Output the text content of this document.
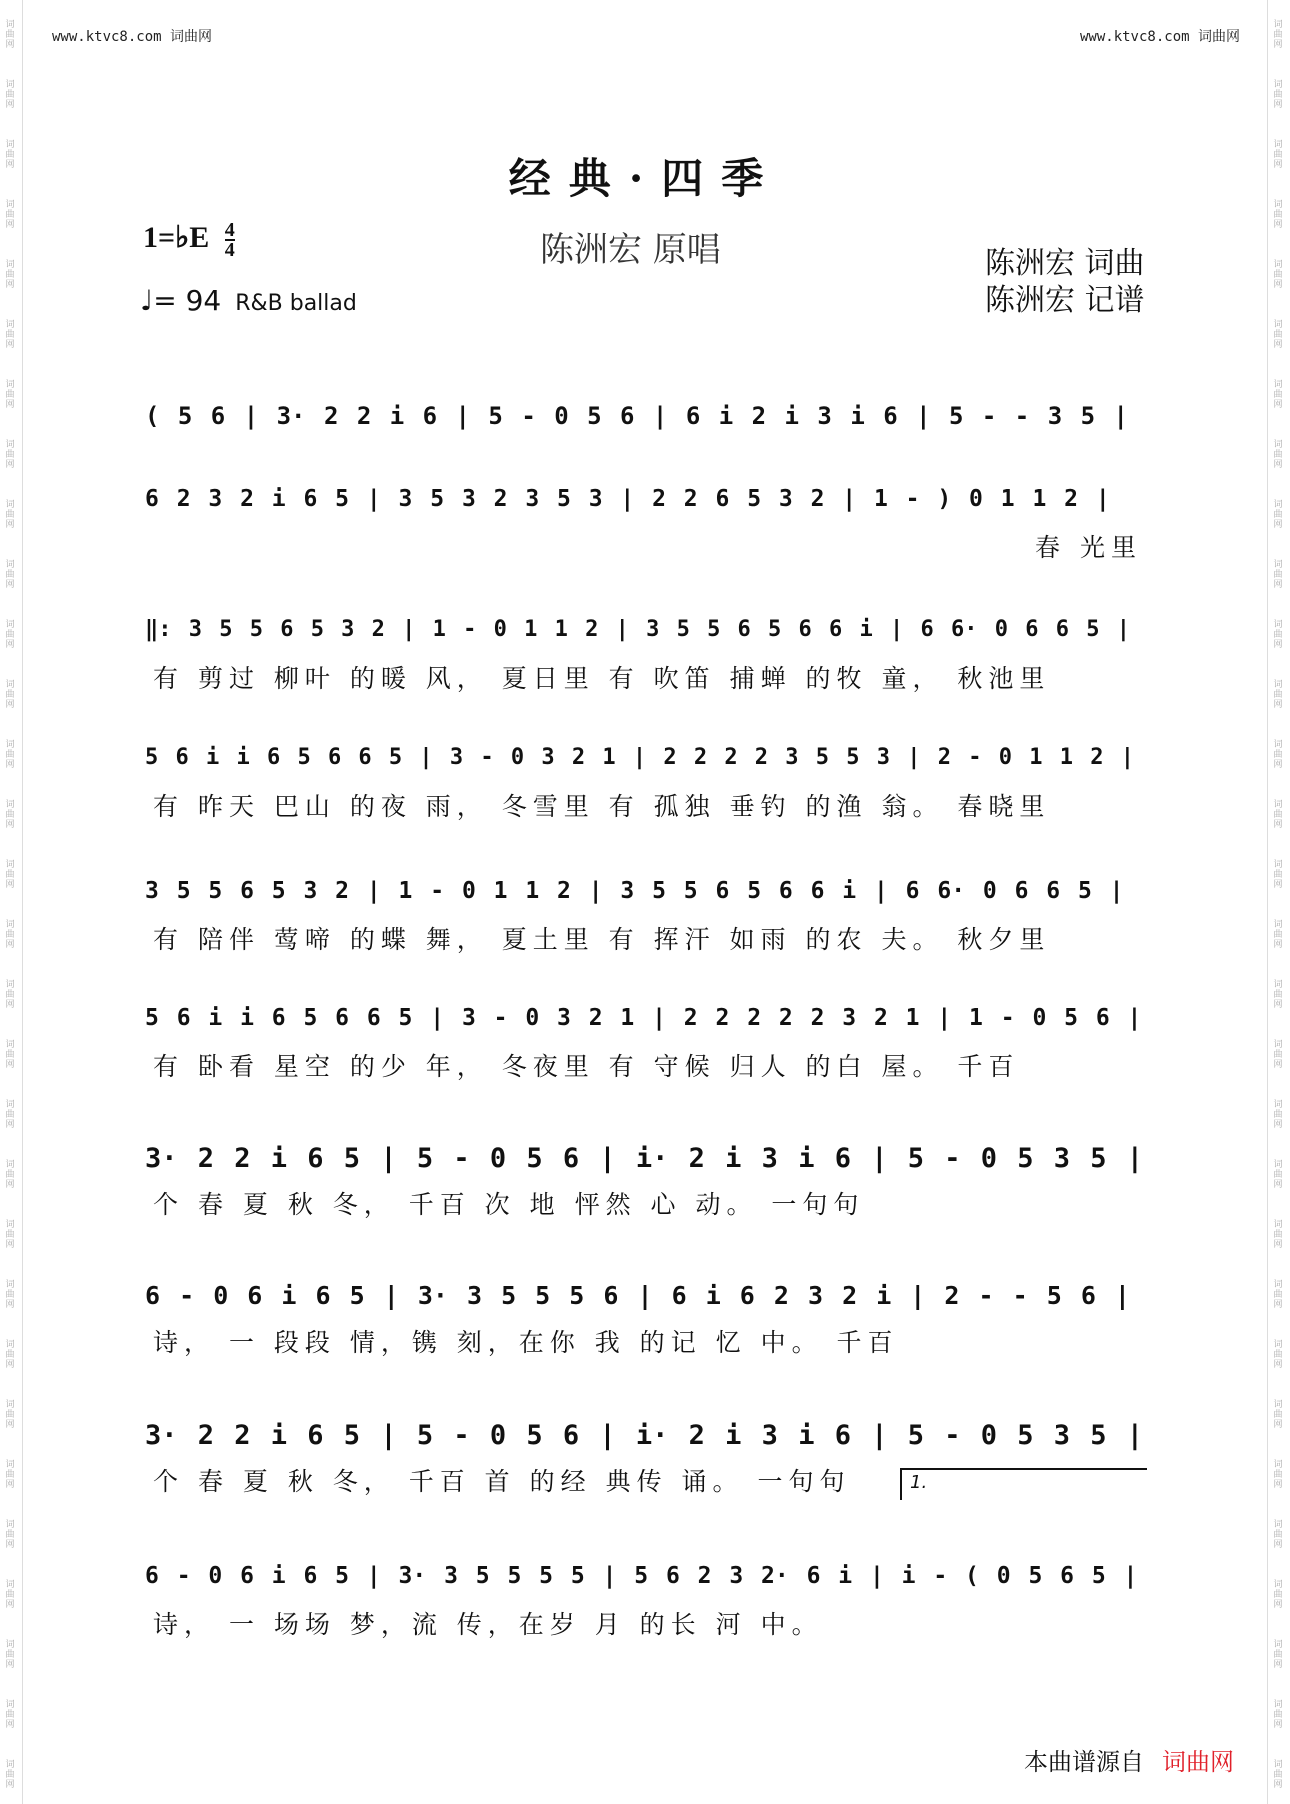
词曲网
词曲网
词曲网
词曲网
词曲网
词曲网
词曲网
词曲网
词曲网
词曲网
词曲网
词曲网
词曲网
词曲网
词曲网
词曲网
词曲网
词曲网
词曲网
词曲网
词曲网
词曲网
词曲网
词曲网
词曲网
词曲网
词曲网
词曲网
词曲网
词曲网
词曲网
词曲网
词曲网
词曲网
词曲网
词曲网
词曲网
词曲网
词曲网
词曲网
词曲网
词曲网
词曲网
词曲网
词曲网
词曲网
词曲网
词曲网
词曲网
词曲网
词曲网
词曲网
词曲网
词曲网
词曲网
词曲网
词曲网
词曲网
词曲网
词曲网
www.ktvc8.com 词曲网	www.ktvc8.com 词曲网
经典·四季
陈洲宏 原唱
1=♭E $\frac{4}{4}$
♩= 94 R&B ballad
陈洲宏 词曲
陈洲宏 记谱
( 5 6 | 3· 2 2 i 6 | 5 - 0 5 6 | 6 i 2 i 3 i 6 | 5 - - 3 5 |
6 2 3 2 i 6 5 | 3 5 3 2 3 5 3 | 2 2 6 5 3 2 | 1 - ) 0 1 1 2 |
春 光里
‖: 3 5 5 6 5 3 2 | 1 - 0 1 1 2 | 3 5 5 6 5 6 6 i | 6 6· 0 6 6 5 |
有 剪过 柳叶 的暖 风， 夏日里 有 吹笛 捕蝉 的牧 童， 秋池里
5 6 i i 6 5 6 6 5 | 3 - 0 3 2 1 | 2 2 2 2 3 5 5 3 | 2 - 0 1 1 2 |
有 昨天 巴山 的夜 雨， 冬雪里 有 孤独 垂钓 的渔 翁。 春晓里
3 5 5 6 5 3 2 | 1 - 0 1 1 2 | 3 5 5 6 5 6 6 i | 6 6· 0 6 6 5 |
有 陪伴 莺啼 的蝶 舞， 夏土里 有 挥汗 如雨 的农 夫。 秋夕里
5 6 i i 6 5 6 6 5 | 3 - 0 3 2 1 | 2 2 2 2 2 3 2 1 | 1 - 0 5 6 |
有 卧看 星空 的少 年， 冬夜里 有 守候 归人 的白 屋。 千百
3· 2 2 i 6 5 | 5 - 0 5 6 | i· 2 i 3 i 6 | 5 - 0 5 3 5 |
个 春 夏 秋 冬， 千百 次 地 怦然 心 动。 一句句
6 - 0 6 i 6 5 | 3· 3 5 5 5 6 | 6 i 6 2 3 2 i | 2 - - 5 6 |
诗， 一 段段 情，镌 刻，在你 我 的记 忆 中。 千百
3· 2 2 i 6 5 | 5 - 0 5 6 | i· 2 i 3 i 6 | 5 - 0 5 3 5 |
个 春 夏 秋 冬， 千百 首 的经 典传 诵。 一句句
6 - 0 6 i 6 5 | 3· 3 5 5 5 5 | 5 6 2 3 2· 6 i | i - ( 0 5 6 5 |
诗， 一 场场 梦，流 传，在岁 月 的长 河 中。
1.
本曲谱源自 词曲网
